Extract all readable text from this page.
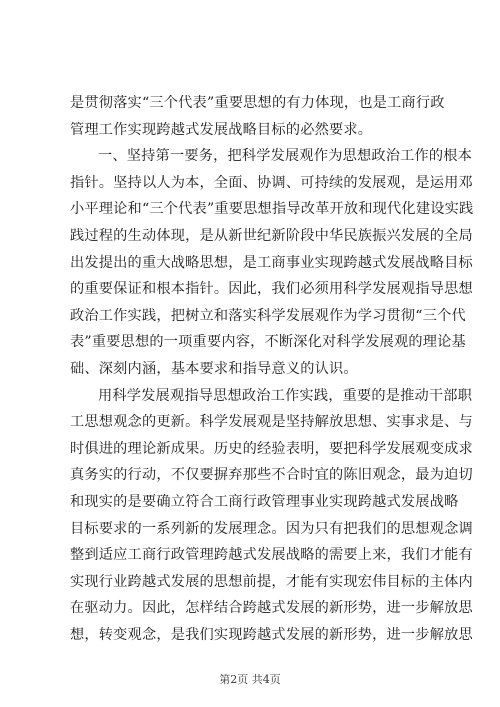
是贯彻落实“三个代表”重要思想的有力体现，也是工商行政
管理工作实现跨越式发展战略目标的必然要求。
一、坚持第一要务，把科学发展观作为思想政治工作的根本
指针。坚持以人为本，全面、协调、可持续的发展观，是运用邓
小平理论和“三个代表”重要思想指导改革开放和现代化建设实践
践过程的生动体现，是从新世纪新阶段中华民族振兴发展的全局
出发提出的重大战略思想，是工商事业实现跨越式发展战略目标
的重要保证和根本指针。因此，我们必须用科学发展观指导思想
政治工作实践，把树立和落实科学发展观作为学习贯彻“三个代
表”重要思想的一项重要内容，不断深化对科学发展观的理论基
础、深刻内涵，基本要求和指导意义的认识。
用科学发展观指导思想政治工作实践，重要的是推动干部职
工思想观念的更新。科学发展观是坚持解放思想、实事求是、与
时俱进的理论新成果。历史的经验表明，要把科学发展观变成求
真务实的行动，不仅要摒弃那些不合时宜的陈旧观念，最为迫切
和现实的是要确立符合工商行政管理事业实现跨越式发展战略
目标要求的一系列新的发展理念。因为只有把我们的思想观念调
整到适应工商行政管理跨越式发展战略的需要上来，我们才能有
实现行业跨越式发展的思想前提，才能有实现宏伟目标的主体内
在驱动力。因此，怎样结合跨越式发展的新形势，进一步解放思
想，转变观念，是我们实现跨越式发展的新形势，进一步解放思
第2页 共4页
